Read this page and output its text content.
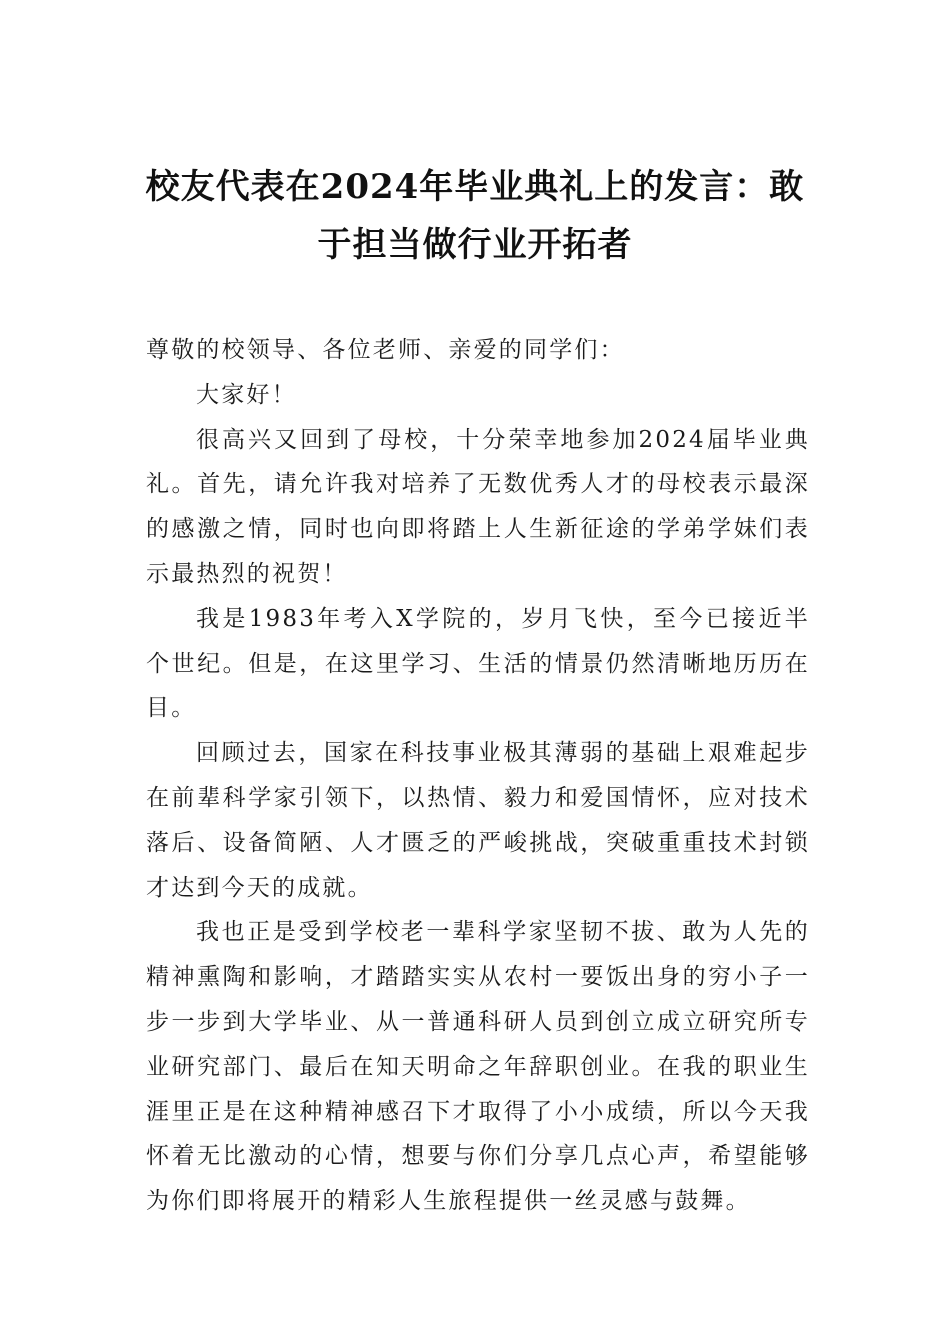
校友代表在2024年毕业典礼上的发言：敢于担当做行业开拓者

尊敬的校领导、各位老师、亲爱的同学们：

大家好！

很高兴又回到了母校，十分荣幸地参加2024届毕业典礼。首先，请允许我对培养了无数优秀人才的母校表示最深的感激之情，同时也向即将踏上人生新征途的学弟学妹们表示最热烈的祝贺！

我是1983年考入X学院的，岁月飞快，至今已接近半个世纪。但是，在这里学习、生活的情景仍然清晰地历历在目。

回顾过去，国家在科技事业极其薄弱的基础上艰难起步在前辈科学家引领下，以热情、毅力和爱国情怀，应对技术落后、设备简陋、人才匮乏的严峻挑战，突破重重技术封锁才达到今天的成就。

我也正是受到学校老一辈科学家坚韧不拔、敢为人先的精神熏陶和影响，才踏踏实实从农村一要饭出身的穷小子一步一步到大学毕业、从一普通科研人员到创立成立研究所专业研究部门、最后在知天明命之年辞职创业。在我的职业生涯里正是在这种精神感召下才取得了小小成绩，所以今天我怀着无比激动的心情，想要与你们分享几点心声，希望能够为你们即将展开的精彩人生旅程提供一丝灵感与鼓舞。
